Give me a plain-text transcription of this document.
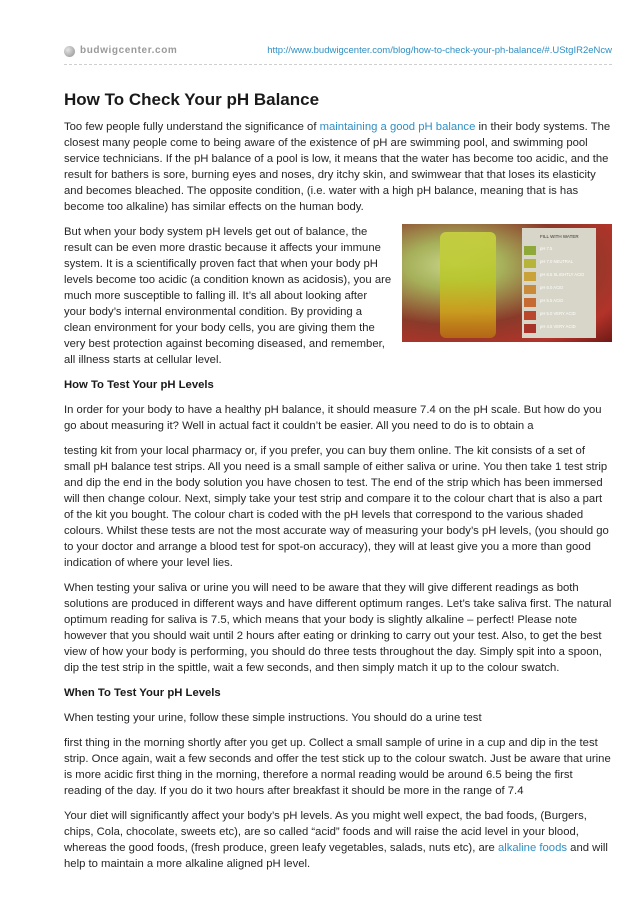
budwigcenter.com	http://www.budwigcenter.com/blog/how-to-check-your-ph-balance/#.UStgIR2eNcw
How To Check Your pH Balance

Too few people fully understand the significance of maintaining a good pH balance in their body systems. The closest many people come to being aware of the existence of pH are swimming pool, and swimming pool service technicians. If the pH balance of a pool is low, it means that the water has become too acidic, and the result for bathers is sore, burning eyes and noses, dry itchy skin, and swimwear that that loses its elasticity and becomes bleached. The opposite condition, (i.e. water with a high pH balance, meaning that is has become too alkaline) has similar effects on the human body.

FILL WITH WATER
pH 7.5
pH 7.0 NEUTRAL
pH 6.5 SLIGHTLY ACID
pH 6.0 ACID
pH 5.5 ACID
pH 5.0 VERY ACID
pH 4.5 VERY ACID

But when your body system pH levels get out of balance, the result can be even more drastic because it affects your immune system. It is a scientifically proven fact that when your body pH levels become too acidic (a condition known as acidosis), you are much more susceptible to falling ill. It’s all about looking after your body’s internal environmental condition. By providing a clean environment for your body cells, you are giving them the very best protection against becoming diseased, and remember, all illness starts at cellular level.

How To Test Your pH Levels

In order for your body to have a healthy pH balance, it should measure 7.4 on the pH scale. But how do you go about measuring it? Well in actual fact it couldn’t be easier. All you need to do is to obtain a

testing kit from your local pharmacy or, if you prefer, you can buy them online. The kit consists of a set of small pH balance test strips. All you need is a small sample of either saliva or urine. You then take 1 test strip and dip the end in the body solution you have chosen to test. The end of the strip which has been immersed will then change colour. Next, simply take your test strip and compare it to the colour chart that is also a part of the kit you bought. The colour chart is coded with the pH levels that correspond to the various shaded colours. Whilst these tests are not the most accurate way of measuring your body’s pH levels, (you should go to your doctor and arrange a blood test for spot-on accuracy), they will at least give you a more than good indication of where your level lies.

When testing your saliva or urine you will need to be aware that they will give different readings as both solutions are produced in different ways and have different optimum ranges. Let’s take saliva first. The natural optimum reading for saliva is 7.5, which means that your body is slightly alkaline – perfect! Please note however that you should wait until 2 hours after eating or drinking to carry out your test. Also, to get the best view of how your body is performing, you should do three tests throughout the day. Simply spit into a spoon, dip the test strip in the spittle, wait a few seconds, and then simply match it up to the colour swatch.

When To Test Your pH Levels

When testing your urine, follow these simple instructions. You should do a urine test

first thing in the morning shortly after you get up. Collect a small sample of urine in a cup and dip in the test strip. Once again, wait a few seconds and offer the test stick up to the colour swatch. Just be aware that urine is more acidic first thing in the morning, therefore a normal reading would be around 6.5 being the first reading of the day. If you do it two hours after breakfast it should be more in the range of 7.4

Your diet will significantly affect your body’s pH levels. As you might well expect, the bad foods, (Burgers, chips, Cola, chocolate, sweets etc), are so called “acid” foods and will raise the acid level in your blood, whereas the good foods, (fresh produce, green leafy vegetables, salads, nuts etc), are alkaline foods and will help to maintain a more alkaline aligned pH level.
